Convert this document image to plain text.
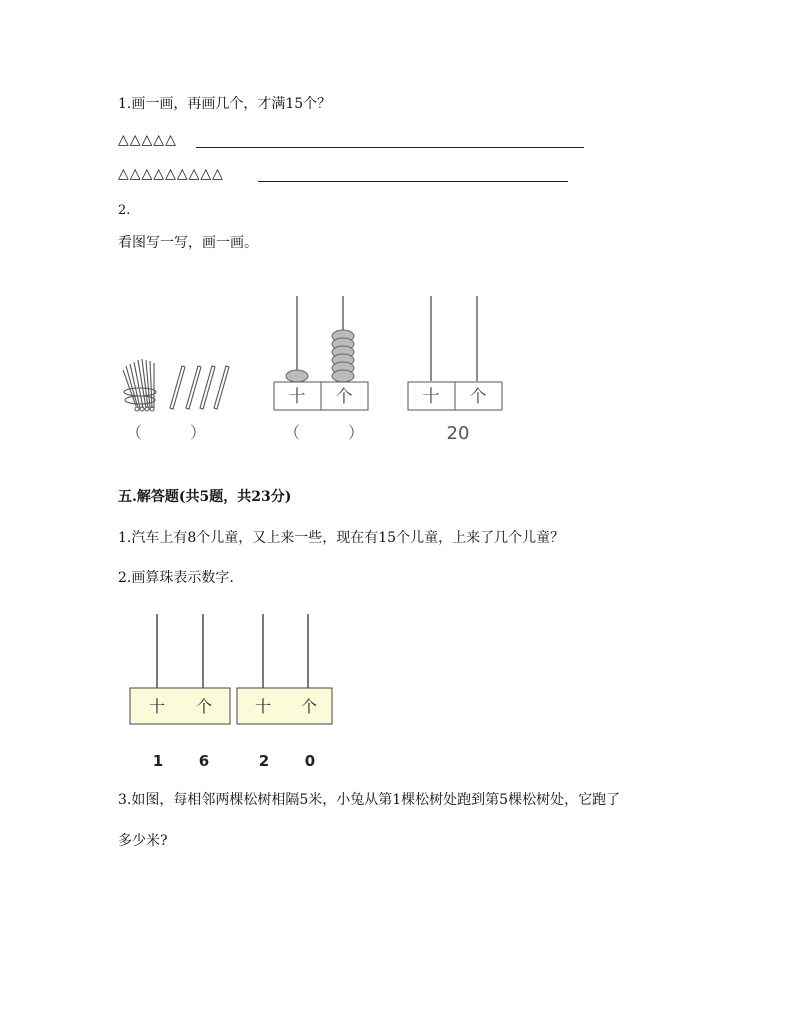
1.画一画，再画几个，才满15个？
△△△△△
△△△△△△△△△
2.
看图写一写，画一画。
十 个	十 个
（　　　）	（　　　）	20
五.解答题(共5题，共23分)
1.汽车上有8个儿童，又上来一些，现在有15个儿童，上来了几个儿童？
2.画算珠表示数字.
十 个
1 6
十 个
2 0
3.如图，每相邻两棵松树相隔5米，小兔从第1棵松树处跑到第5棵松树处，它跑了
多少米?
